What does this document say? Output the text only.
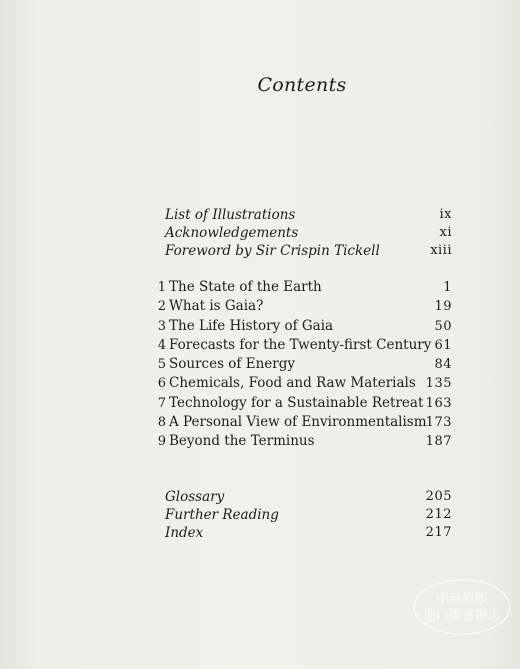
Contents
List of Illustrations	ix
Acknowledgements	xi
Foreword by Sir Crispin Tickell	xiii
1 The State of the Earth	1
2 What is Gaia?	19
3 The Life History of Gaia	50
4 Forecasts for the Twenty-first Century 61
5 Sources of Energy	84
6 Chemicals, Food and Raw Materials 135
7 Technology for a Sustainable Retreat 163
8 A Personal View of Environmentalism 173
9 Beyond the Terminus	187
Glossary	205
Further Reading	212
Index	217
中商原版
進口圖書標志
